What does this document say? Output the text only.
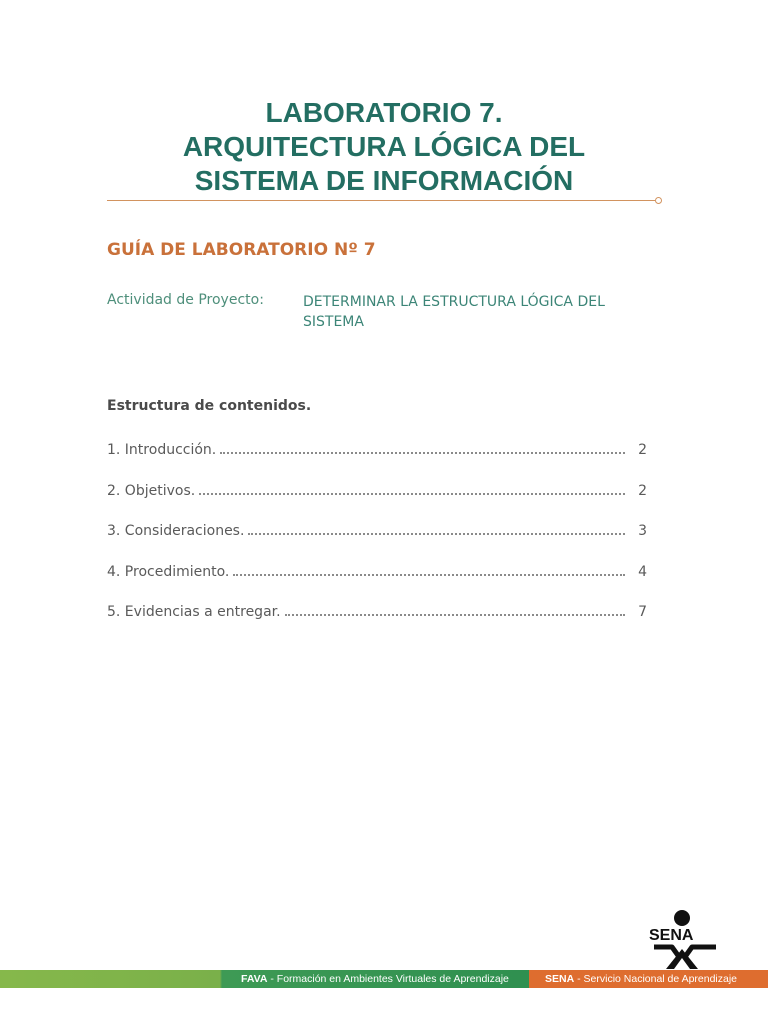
LABORATORIO 7.
ARQUITECTURA LÓGICA DEL
SISTEMA DE INFORMACIÓN
GUÍA DE LABORATORIO Nº 7
Actividad de Proyecto:	DETERMINAR LA ESTRUCTURA LÓGICA DEL
SISTEMA
Estructura de contenidos.
1. Introducción.	2
2. Objetivos.	2
3. Consideraciones.	3
4. Procedimiento.	4
5. Evidencias a entregar.	7
SENA
FAVA - Formación en Ambientes Virtuales de Aprendizaje	SENA - Servicio Nacional de Aprendizaje
